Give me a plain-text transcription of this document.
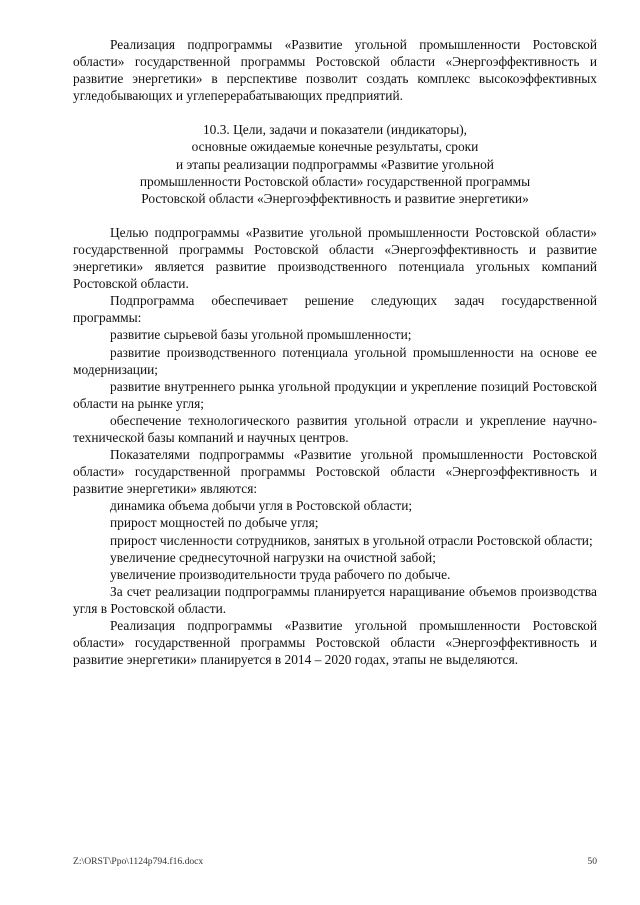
Реализация подпрограммы «Развитие угольной промышленности Ростовской области» государственной программы Ростовской области «Энергоэффективность и развитие энергетики» в перспективе позволит создать комплекс высокоэффективных угледобывающих и углеперерабатывающих предприятий.

10.3. Цели, задачи и показатели (индикаторы),
основные ожидаемые конечные результаты, сроки
и этапы реализации подпрограммы «Развитие угольной
промышленности Ростовской области» государственной программы
Ростовской области «Энергоэффективность и развитие энергетики»

Целью подпрограммы «Развитие угольной промышленности Ростовской области» государственной программы Ростовской области «Энергоэффективность и развитие энергетики» является развитие производственного потенциала угольных компаний Ростовской области.

Подпрограмма обеспечивает решение следующих задач государственной программы:

развитие сырьевой базы угольной промышленности;

развитие производственного потенциала угольной промышленности на основе ее модернизации;

развитие внутреннего рынка угольной продукции и укрепление позиций Ростовской области на рынке угля;

обеспечение технологического развития угольной отрасли и укрепление научно-технической базы компаний и научных центров.

Показателями подпрограммы «Развитие угольной промышленности Ростовской области» государственной программы Ростовской области «Энергоэффективность и развитие энергетики» являются:

динамика объема добычи угля в Ростовской области;

прирост мощностей по добыче угля;

прирост численности сотрудников, занятых в угольной отрасли Ростовской области;

увеличение среднесуточной нагрузки на очистной забой;

увеличение производительности труда рабочего по добыче.

За счет реализации подпрограммы планируется наращивание объемов производства угля в Ростовской области.

Реализация подпрограммы «Развитие угольной промышленности Ростовской области» государственной программы Ростовской области «Энергоэффективность и развитие энергетики» планируется в 2014 – 2020 годах, этапы не выделяются.

Z:\ORST\Ppo\1124p794.f16.docx	50
